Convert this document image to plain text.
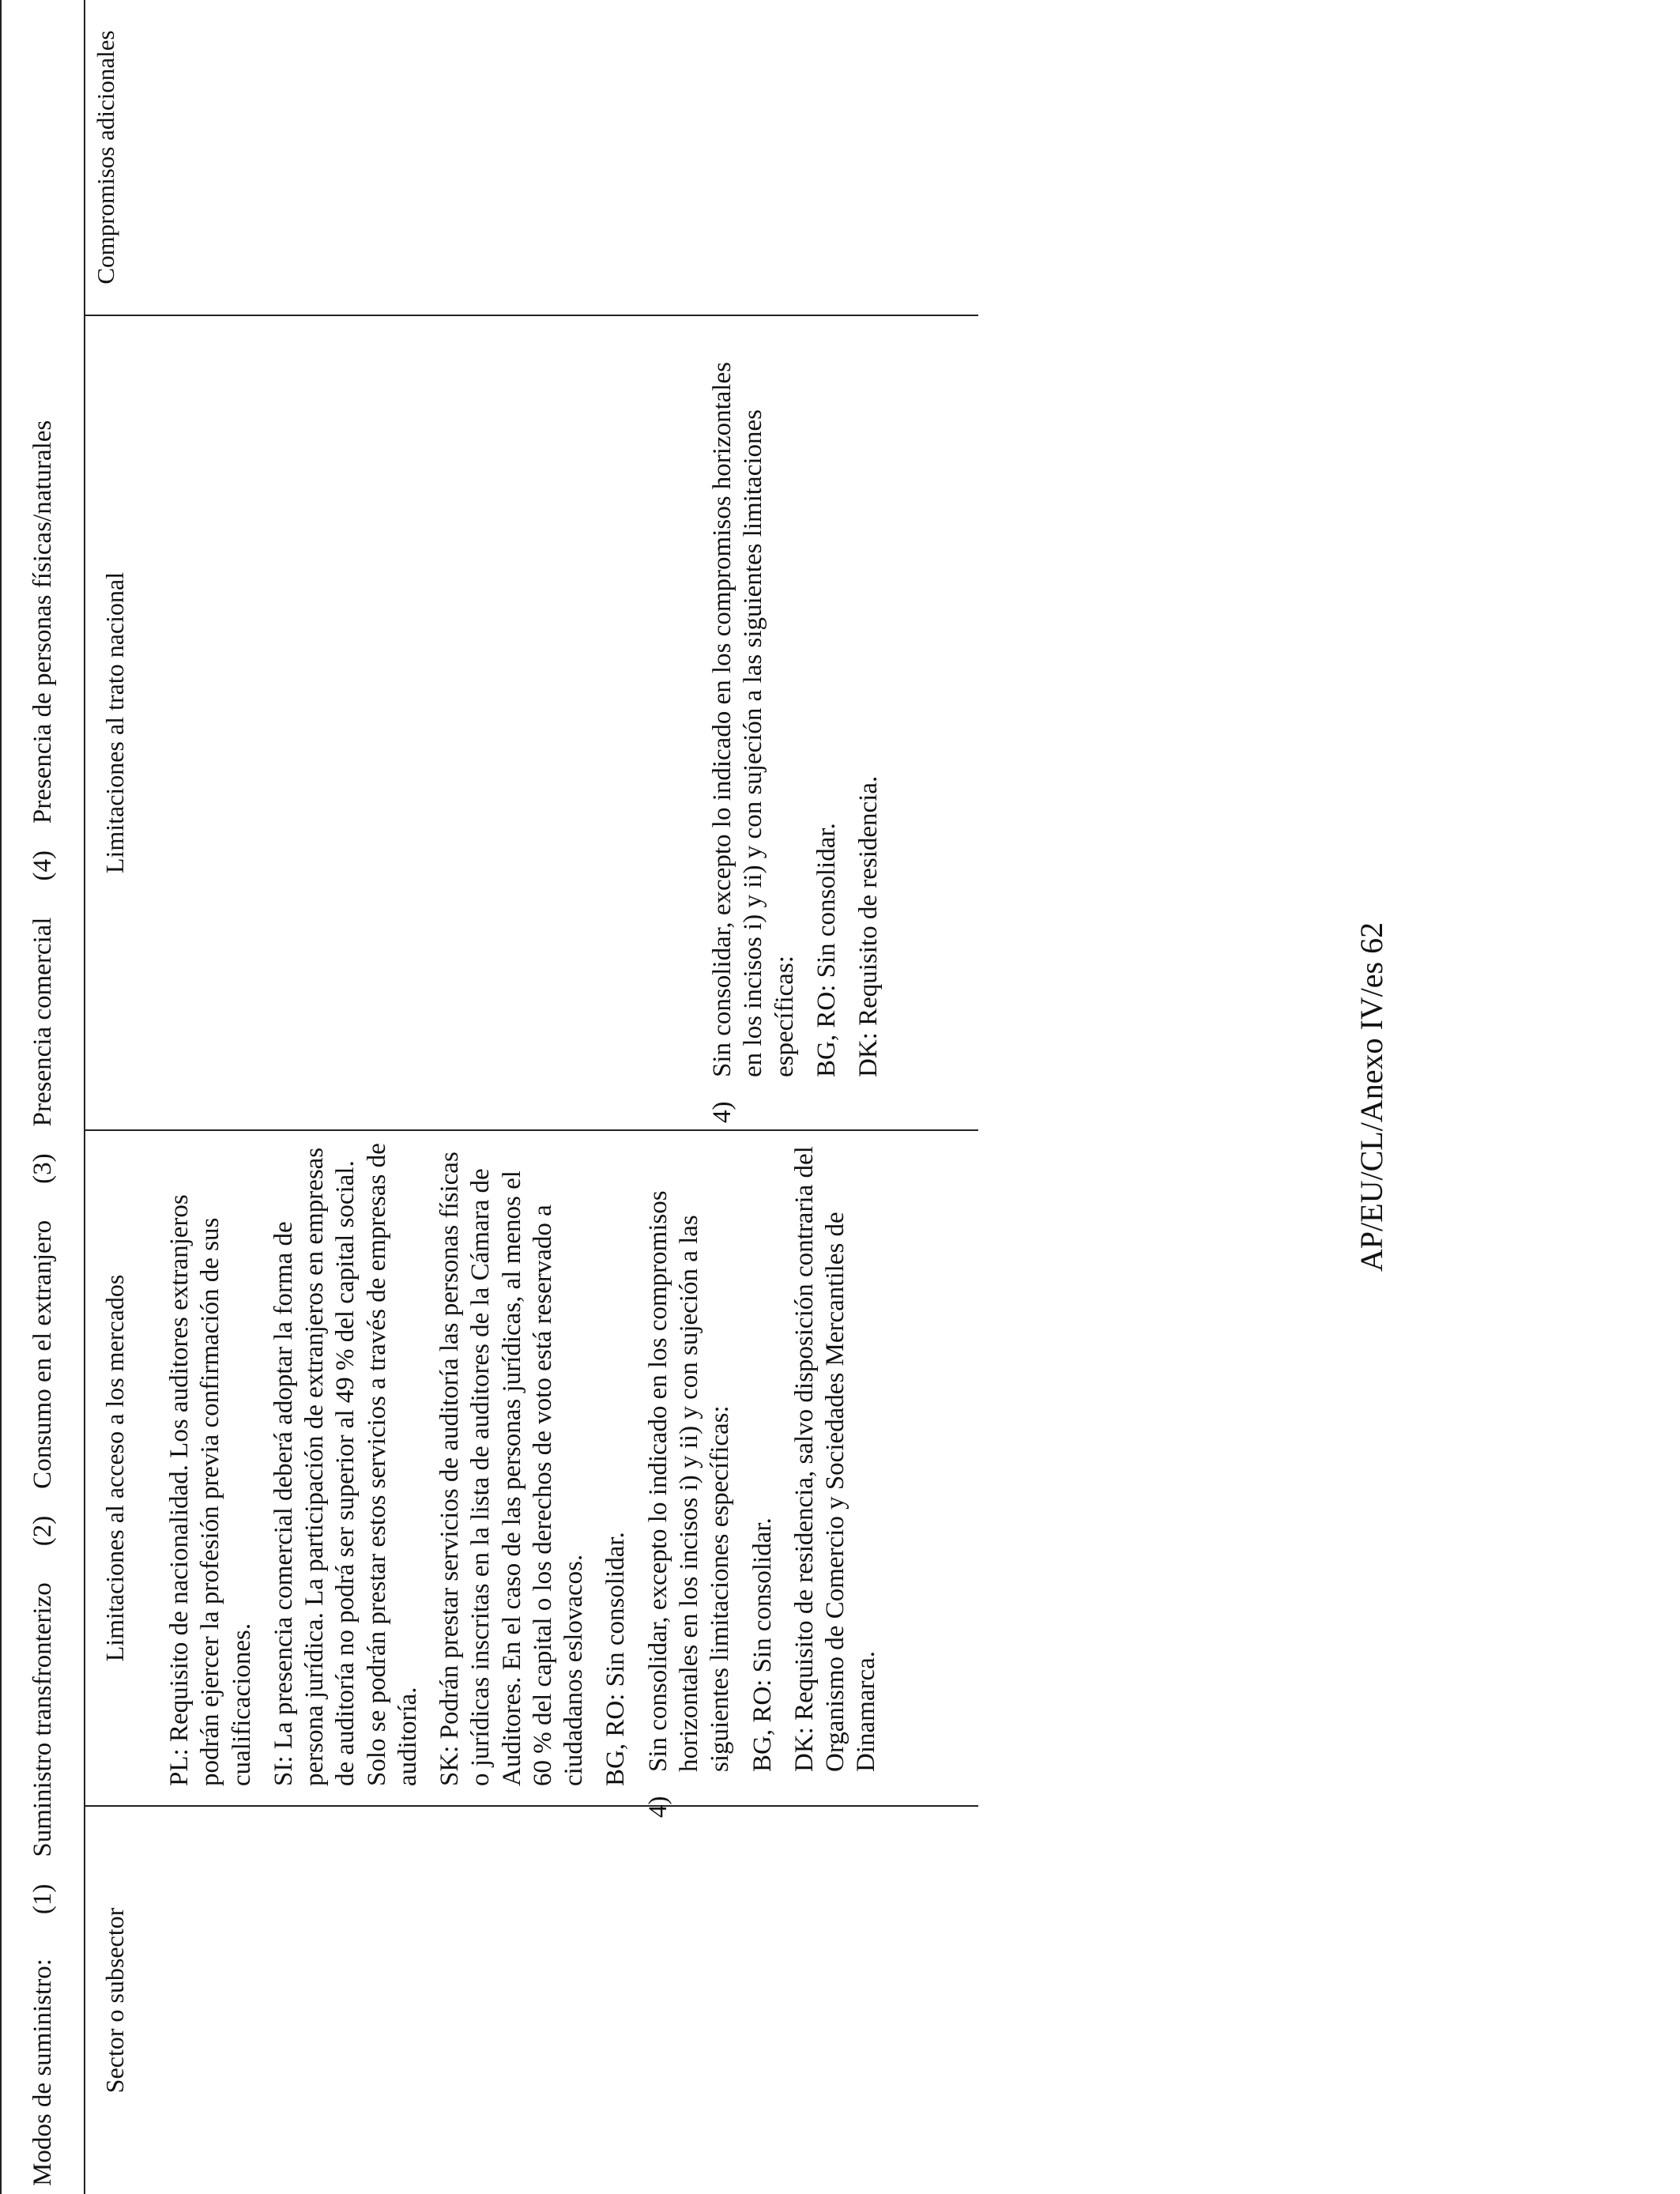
Modos de suministro:
(1)
Suministro transfronterizo
(2)
Consumo en el extranjero
(3)
Presencia comercial
(4)
Presencia de personas físicas/naturales
Sector o subsector
Limitaciones al acceso a los mercados
Limitaciones al trato nacional
Compromisos adicionales

PL: Requisito de nacionalidad. Los auditores extranjeros podrán ejercer la profesión previa confirmación de sus cualificaciones. SI: La presencia comercial deberá adoptar la forma de persona jurídica. La participación de extranjeros en empresas de auditoría no podrá ser superior al 49 % del capital social. Solo se podrán prestar estos servicios a través de empresas de auditoría. SK: Podrán prestar servicios de auditoría las personas físicas o jurídicas inscritas en la lista de auditores de la Cámara de Auditores. En el caso de las personas jurídicas, al menos el 60 % del capital o los derechos de voto está reservado a ciudadanos eslovacos. BG, RO: Sin consolidar.

4)

Sin consolidar, excepto lo indicado en los compromisos horizontales en los incisos i) y ii) y con sujeción a las siguientes limitaciones específicas: BG, RO: Sin consolidar. DK: Requisito de residencia, salvo disposición contraria del Organismo de Comercio y Sociedades Mercantiles de Dinamarca.

4)

Sin consolidar, excepto lo indicado en los compromisos horizontales en los incisos i) y ii) y con sujeción a las siguientes limitaciones específicas: BG, RO: Sin consolidar. DK: Requisito de residencia.	AP/EU/CL/Anexo IV/es 62
